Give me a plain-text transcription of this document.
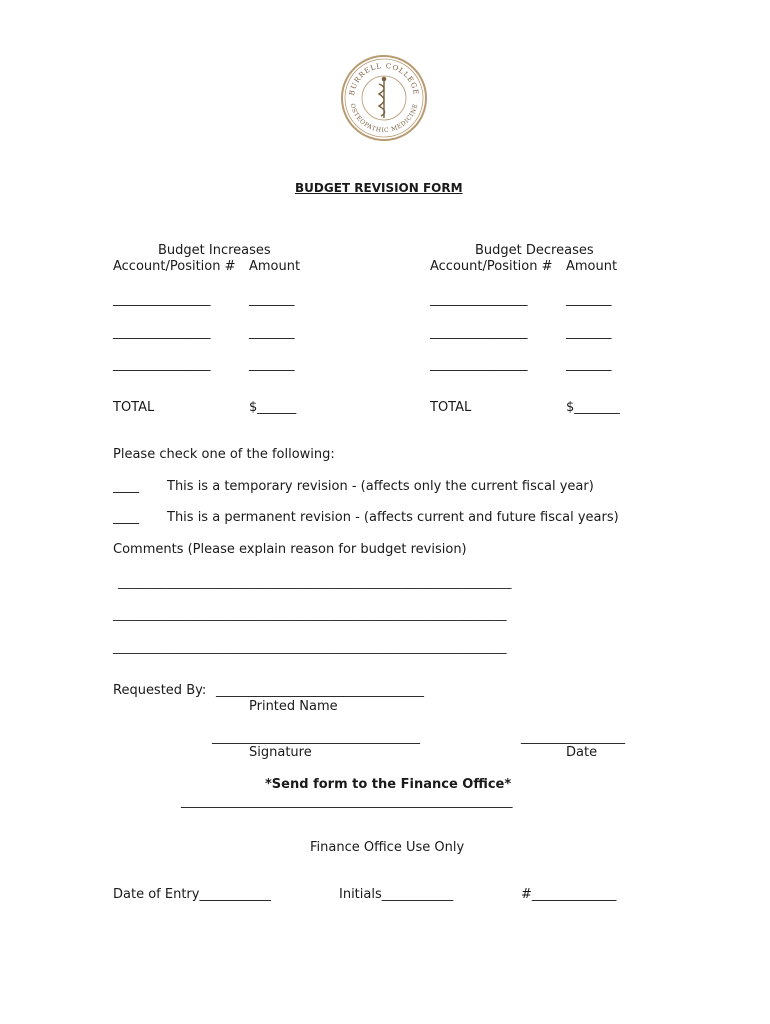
BURRELL COLLEGE
OSTEOPATHIC MEDICINE
BUDGET REVISION FORM
Budget Increases
Account/Position # Amount
_______________	_______
_______________	_______
_______________	_______
TOTAL	$______
Budget Decreases
Account/Position # Amount
_______________	_______
_______________	_______
_______________	_______
TOTAL	$_______
Please check one of the following:
____ This is a temporary revision - (affects only the current fiscal year)
____ This is a permanent revision - (affects current and future fiscal years)
Comments (Please explain reason for budget revision)
________________________________________________________________
________________________________________________________________
________________________________________________________________
Requested By: ________________________________
Printed Name
________________________________
Signature
________________
Date
*Send form to the Finance Office*
___________________________________________________
Finance Office Use Only
Date of Entry___________	Initials___________	#_____________
